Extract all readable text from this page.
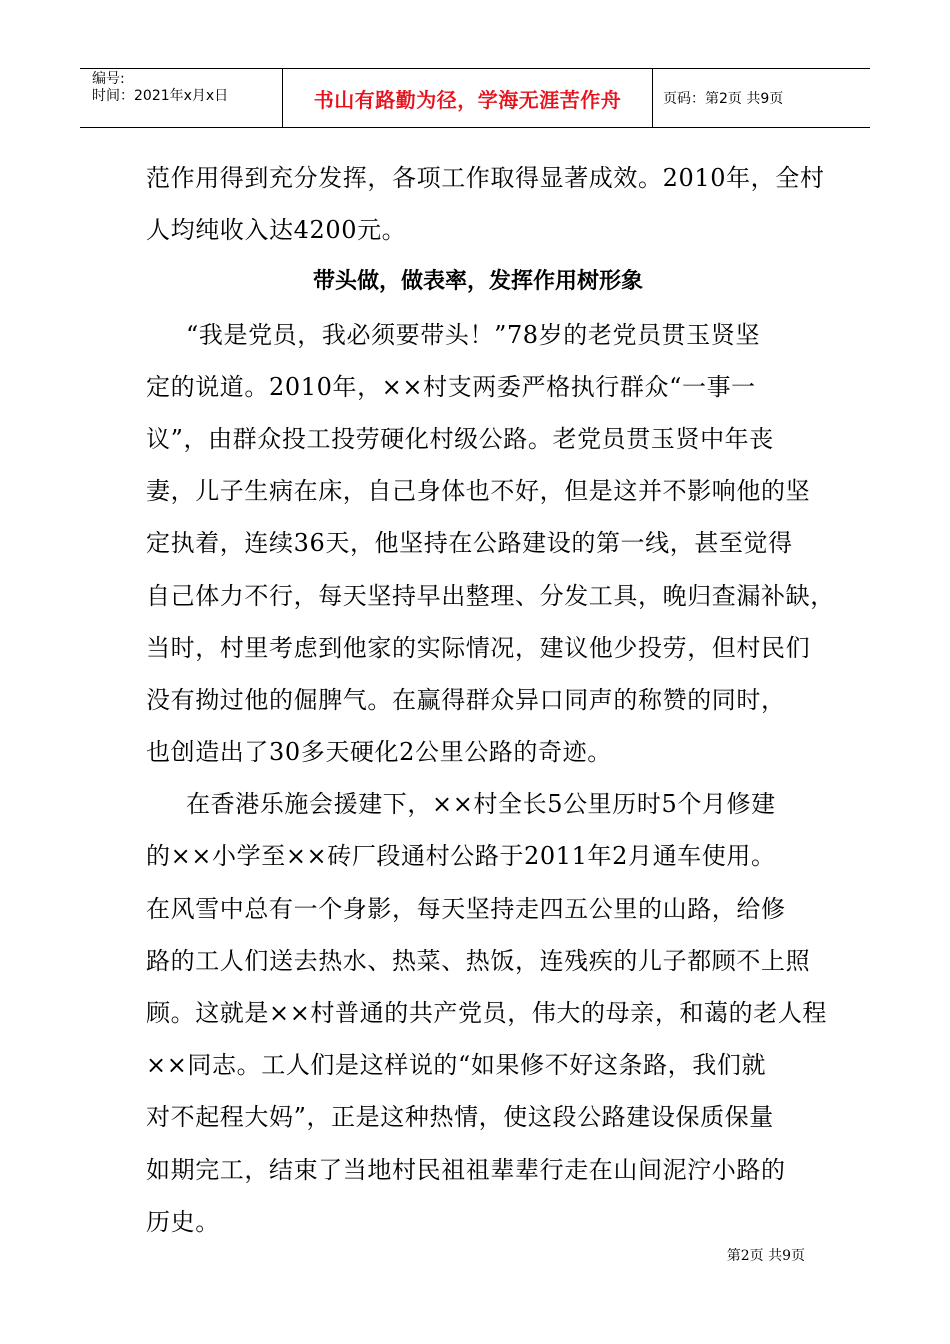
编号:
时间：2021年x月x日	书山有路勤为径，学海无涯苦作舟	页码：第2页 共9页
范作用得到充分发挥，各项工作取得显著成效。2010年，全村
人均纯收入达4200元。
带头做，做表率，发挥作用树形象
“我是党员，我必须要带头！”78岁的老党员贯玉贤坚
定的说道。2010年，××村支两委严格执行群众“一事一
议”，由群众投工投劳硬化村级公路。老党员贯玉贤中年丧
妻，儿子生病在床，自己身体也不好，但是这并不影响他的坚
定执着，连续36天，他坚持在公路建设的第一线，甚至觉得
自己体力不行，每天坚持早出整理、分发工具，晚归查漏补缺，
当时，村里考虑到他家的实际情况，建议他少投劳，但村民们
没有拗过他的倔脾气。在赢得群众异口同声的称赞的同时，
也创造出了30多天硬化2公里公路的奇迹。
在香港乐施会援建下，××村全长5公里历时5个月修建
的××小学至××砖厂段通村公路于2011年2月通车使用。
在风雪中总有一个身影，每天坚持走四五公里的山路，给修
路的工人们送去热水、热菜、热饭，连残疾的儿子都顾不上照
顾。这就是××村普通的共产党员，伟大的母亲，和蔼的老人程
××同志。工人们是这样说的“如果修不好这条路，我们就
对不起程大妈”，正是这种热情，使这段公路建设保质保量
如期完工，结束了当地村民祖祖辈辈行走在山间泥泞小路的
历史。
第2页 共9页
